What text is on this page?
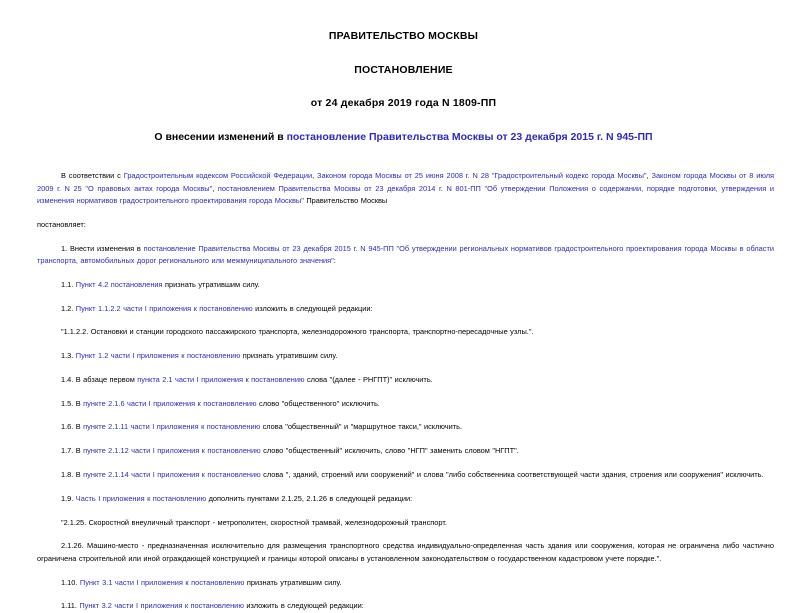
ПРАВИТЕЛЬСТВО МОСКВЫ
ПОСТАНОВЛЕНИЕ
от 24 декабря 2019 года N 1809-ПП
О внесении изменений в постановление Правительства Москвы от 23 декабря 2015 г. N 945-ПП

В соответствии с Градостроительным кодексом Российской Федерации, Законом города Москвы от 25 июня 2008 г. N 28 "Градостроительный кодекс города Москвы", Законом города Москвы от 8 июля 2009 г. N 25 "О правовых актах города Москвы", постановлением Правительства Москвы от 23 декабря 2014 г. N 801-ПП "Об утверждении Положения о содержании, порядке подготовки, утверждения и изменения нормативов градостроительного проектирования города Москвы" Правительство Москвы

постановляет:

1. Внести изменения в постановление Правительства Москвы от 23 декабря 2015 г. N 945-ПП "Об утверждении региональных нормативов градостроительного проектирования города Москвы в области транспорта, автомобильных дорог регионального или межмуниципального значения":

1.1. Пункт 4.2 постановления признать утратившим силу.

1.2. Пункт 1.1.2.2 части I приложения к постановлению изложить в следующей редакции:

"1.1.2.2. Остановки и станции городского пассажирского транспорта, железнодорожного транспорта, транспортно-пересадочные узлы.".

1.3. Пункт 1.2 части I приложения к постановлению признать утратившим силу.

1.4. В абзаце первом пункта 2.1 части I приложения к постановлению слова "(далее - РНГПТ)" исключить.

1.5. В пункте 2.1.6 части I приложения к постановлению слово "общественного" исключить.

1.6. В пункте 2.1.11 части I приложения к постановлению слова "общественный" и "маршрутное такси," исключить.

1.7. В пункте 2.1.12 части I приложения к постановлению слово "общественный" исключить, слово "НГП" заменить словом "НГПТ".

1.8. В пункте 2.1.14 части I приложения к постановлению слова ", зданий, строений или сооружений" и слова "либо собственника соответствующей части здания, строения или сооружения" исключить.

1.9. Часть I приложения к постановлению дополнить пунктами 2.1.25, 2.1.26 в следующей редакции:

"2.1.25. Скоростной внеуличный транспорт - метрополитен, скоростной трамвай, железнодорожный транспорт.

2.1.26. Машино-место - предназначенная исключительно для размещения транспортного средства индивидуально-определенная часть здания или сооружения, которая не ограничена либо частично ограничена строительной или иной ограждающей конструкцией и границы которой описаны в установленном законодательством о государственном кадастровом учете порядке.".

1.10. Пункт 3.1 части I приложения к постановлению признать утратившим силу.

1.11. Пункт 3.2 части I приложения к постановлению изложить в следующей редакции:
